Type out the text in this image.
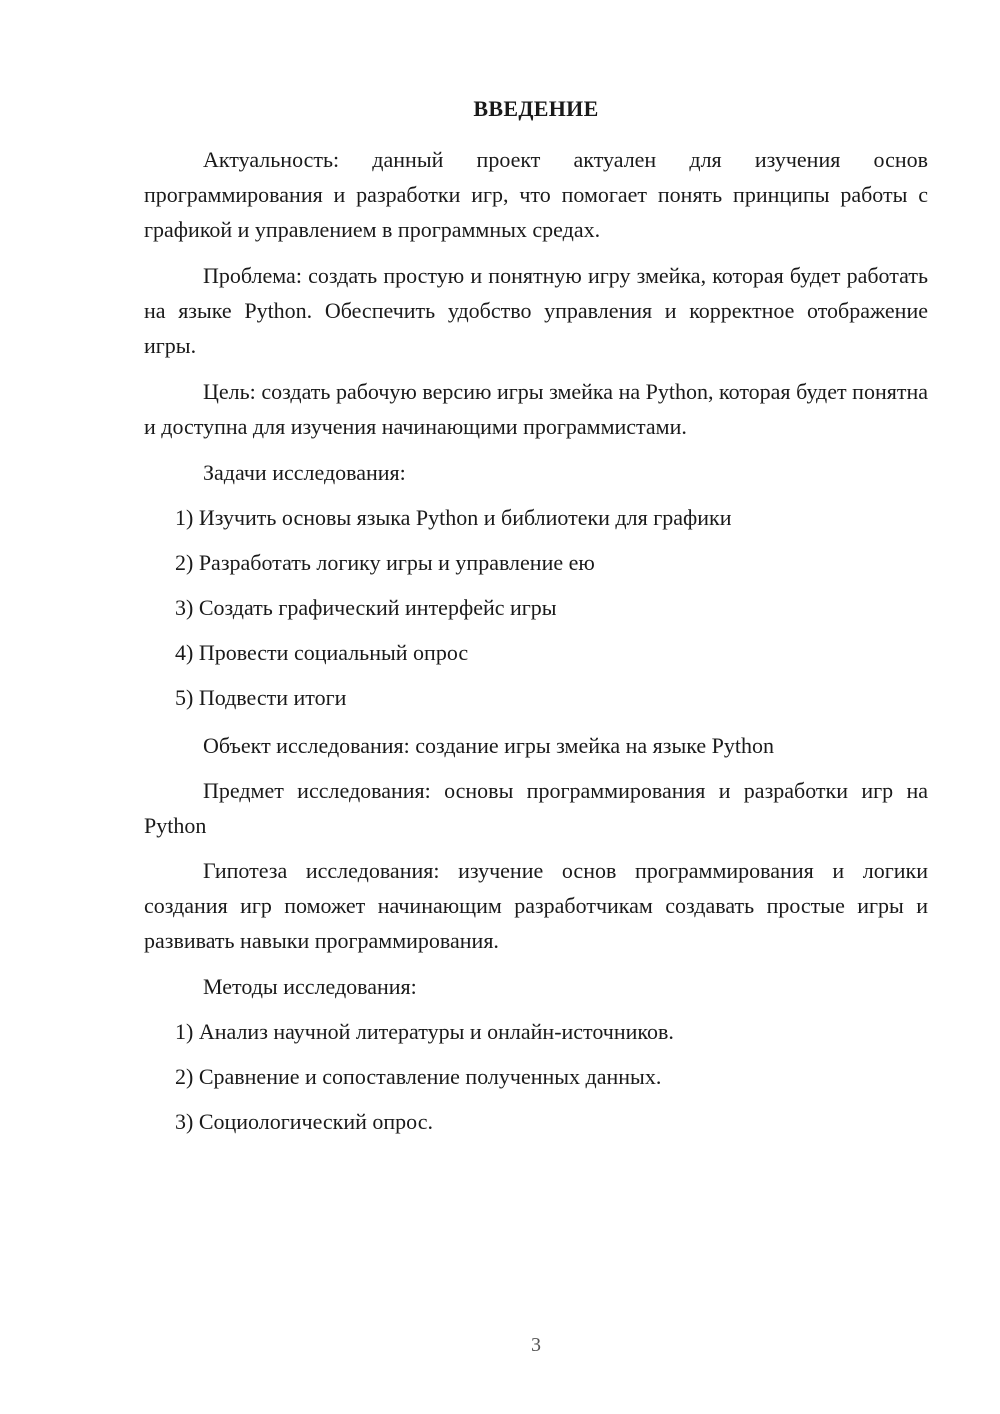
ВВЕДЕНИЕ

Актуальность: данный проект актуален для изучения основ программирования и разработки игр, что помогает понять принципы работы с графикой и управлением в программных средах.

Проблема: создать простую и понятную игру змейка, которая будет работать на языке Python. Обеспечить удобство управления и корректное отображение игры.

Цель: создать рабочую версию игры змейка на Python, которая будет понятна и доступна для изучения начинающими программистами.

Задачи исследования:

1) Изучить основы языка Python и библиотеки для графики

2) Разработать логику игры и управление ею

3) Создать графический интерфейс игры

4) Провести социальный опрос

5) Подвести итоги

Объект исследования: создание игры змейка на языке Python

Предмет исследования: основы программирования и разработки игр на Python

Гипотеза исследования: изучение основ программирования и логики создания игр поможет начинающим разработчикам создавать простые игры и развивать навыки программирования.

Методы исследования:

1) Анализ научной литературы и онлайн-источников.

2) Сравнение и сопоставление полученных данных.

3) Социологический опрос.

3
